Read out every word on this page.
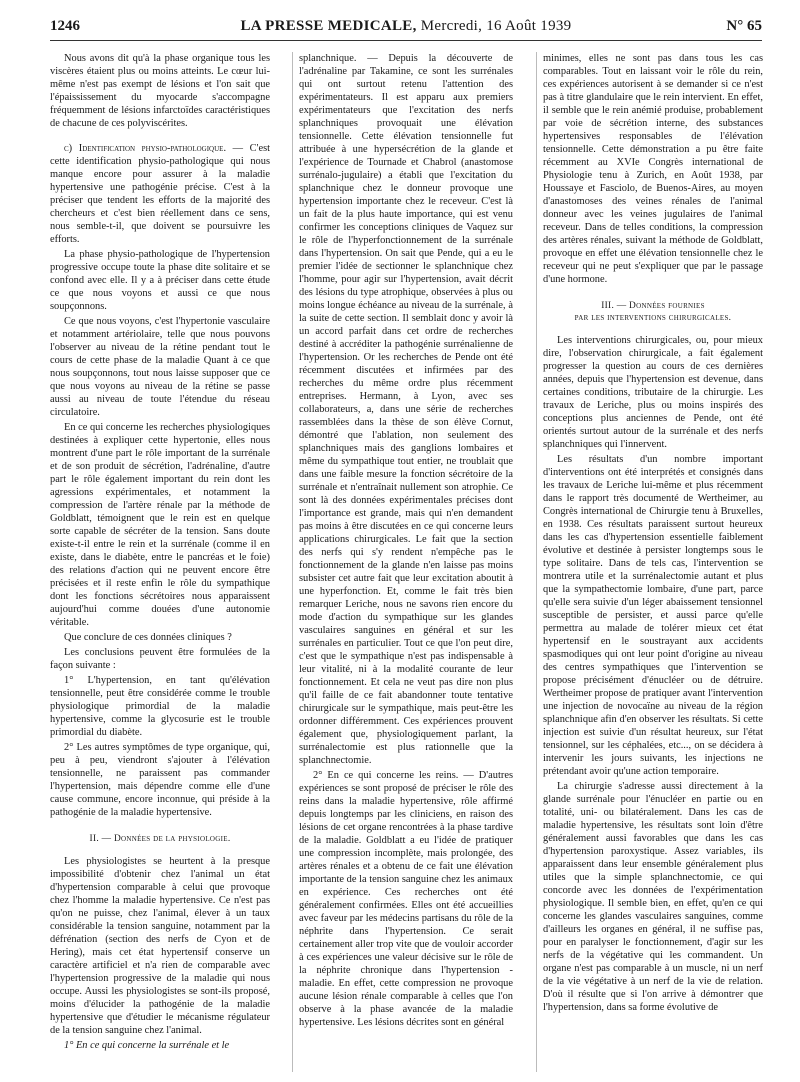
1246	LA PRESSE MEDICALE, Mercredi, 16 Août 1939	N° 65

Nous avons dit qu'à la phase organique tous les viscères étaient plus ou moins atteints. Le cœur lui-même n'est pas exempt de lésions et l'on sait que l'épaississement du myocarde s'accompagne fréquemment de lésions infarctoïdes caractéristiques de chacune de ces polyviscérites.

c) Identification physio-pathologique. — C'est cette identification physio-pathologique qui nous manque encore pour assurer à la maladie hypertensive une pathogénie précise. C'est à la préciser que tendent les efforts de la majorité des chercheurs et c'est bien réellement dans ce sens, nous semble-t-il, que doivent se poursuivre les efforts.

La phase physio-pathologique de l'hypertension progressive occupe toute la phase dite solitaire et se confond avec elle. Il y a à préciser dans cette étude ce que nous voyons et aussi ce que nous soupçonnons.

Ce que nous voyons, c'est l'hypertonie vasculaire et notamment artériolaire, telle que nous pouvons l'observer au niveau de la rétine pendant tout le cours de cette phase de la maladie Quant à ce que nous soupçonnons, tout nous laisse supposer que ce que nous voyons au niveau de la rétine se passe aussi au niveau de toute l'étendue du réseau circulatoire.

En ce qui concerne les recherches physiologiques destinées à expliquer cette hypertonie, elles nous montrent d'une part le rôle important de la surrénale et de son produit de sécrétion, l'adrénaline, d'autre part le rôle également important du rein dont les agressions expérimentales, et notamment la compression de l'artère rénale par la méthode de Goldblatt, témoignent que le rein est en quelque sorte capable de sécréter de la tension. Sans doute existe-t-il entre le rein et la surrénale (comme il en existe, dans le diabète, entre le pancréas et le foie) des relations d'action qui ne peuvent encore être précisées et il reste enfin le rôle du sympathique dont les fonctions sécrétoires nous apparaissent aujourd'hui comme douées d'une autonomie véritable.

Que conclure de ces données cliniques ?

Les conclusions peuvent être formulées de la façon suivante :

1° L'hypertension, en tant qu'élévation tensionnelle, peut être considérée comme le trouble physiologique primordial de la maladie hypertensive, comme la glycosurie est le trouble primordial du diabète.

2° Les autres symptômes de type organique, qui, peu à peu, viendront s'ajouter à l'élévation tensionnelle, ne paraissent pas commander l'hypertension, mais dépendre comme elle d'une cause commune, encore inconnue, qui préside à la pathogénie de la maladie hypertensive.

II. — Données de la physiologie.

Les physiologistes se heurtent à la presque impossibilité d'obtenir chez l'animal un état d'hypertension comparable à celui que provoque chez l'homme la maladie hypertensive. Ce n'est pas qu'on ne puisse, chez l'animal, élever à un taux considérable la tension sanguine, notamment par la défrénation (section des nerfs de Cyon et de Hering), mais cet état hypertensif conserve un caractère artificiel et n'a rien de comparable avec l'hypertension progressive de la maladie qui nous occupe. Aussi les physiologistes se sont-ils proposé, moins d'élucider la pathogénie de la maladie hypertensive que d'étudier le mécanisme régulateur de la tension sanguine chez l'animal.

1° En ce qui concerne la surrénale et le

splanchnique. — Depuis la découverte de l'adrénaline par Takamine, ce sont les surrénales qui ont surtout retenu l'attention des expérimentateurs. Il est apparu aux premiers expérimentateurs que l'excitation des nerfs splanchniques provoquait une élévation tensionnelle. Cette élévation tensionnelle fut attribuée à une hypersécrétion de la glande et l'expérience de Tournade et Chabrol (anastomose surrénalo-jugulaire) a établi que l'excitation du splanchnique chez le donneur provoque une hypertension importante chez le receveur. C'est là un fait de la plus haute importance, qui est venu confirmer les conceptions cliniques de Vaquez sur le rôle de l'hyperfonctionnement de la surrénale dans l'hypertension. On sait que Pende, qui a eu le premier l'idée de sectionner le splanchnique chez l'homme, pour agir sur l'hypertension, avait décrit des lésions du type atrophique, observées à plus ou moins longue échéance au niveau de la surrénale, à la suite de cette section. Il semblait donc y avoir là un accord parfait dans cet ordre de recherches destiné à accréditer la pathogénie surrénalienne de l'hypertension. Or les recherches de Pende ont été récemment discutées et infirmées par des recherches du même ordre plus récemment entreprises. Hermann, à Lyon, avec ses collaborateurs, a, dans une série de recherches rassemblées dans la thèse de son élève Cornut, démontré que l'ablation, non seulement des splanchniques mais des ganglions lombaires et même du sympathique tout entier, ne troublait que dans une faible mesure la fonction sécrétoire de la surrénale et n'entraînait nullement son atrophie. Ce sont là des données expérimentales précises dont l'importance est grande, mais qui n'en demandent pas moins à être discutées en ce qui concerne leurs applications chirurgicales. Le fait que la section des nerfs qui s'y rendent n'empêche pas le fonctionnement de la glande n'en laisse pas moins subsister cet autre fait que leur excitation aboutit à une hyperfonction. Et, comme le fait très bien remarquer Leriche, nous ne savons rien encore du mode d'action du sympathique sur les glandes vasculaires sanguines en général et sur les surrénales en particulier. Tout ce que l'on peut dire, c'est que le sympathique n'est pas indispensable à leur vitalité, ni à la modalité courante de leur fonctionnement. Et cela ne veut pas dire non plus qu'il faille de ce fait abandonner toute tentative chirurgicale sur le sympathique, mais peut-être les ordonner différemment. Ces expériences prouvent également que, physiologiquement parlant, la surrénalectomie est plus rationnelle que la splanchnectomie.

2° En ce qui concerne les reins. — D'autres expériences se sont proposé de préciser le rôle des reins dans la maladie hypertensive, rôle affirmé depuis longtemps par les cliniciens, en raison des lésions de cet organe rencontrées à la phase tardive de la maladie. Goldblatt a eu l'idée de pratiquer une compression incomplète, mais prolongée, des artères rénales et a obtenu de ce fait une élévation importante de la tension sanguine chez les animaux en expérience. Ces recherches ont été généralement confirmées. Elles ont été accueillies avec faveur par les médecins partisans du rôle de la néphrite dans l'hypertension. Ce serait certainement aller trop vite que de vouloir accorder à ces expériences une valeur décisive sur le rôle de la néphrite chronique dans l'hypertension - maladie. En effet, cette compression ne provoque aucune lésion rénale comparable à celles que l'on observe à la phase avancée de la maladie hypertensive. Les lésions décrites sont en général

minimes, elles ne sont pas dans tous les cas comparables. Tout en laissant voir le rôle du rein, ces expériences autorisent à se demander si ce n'est pas à titre glandulaire que le rein intervient. En effet, il semble que le rein anémié produise, probablement par voie de sécrétion interne, des substances hypertensives responsables de l'élévation tensionnelle. Cette démonstration a pu être faite récemment au XVIe Congrès international de Physiologie tenu à Zurich, en Août 1938, par Houssaye et Fasciolo, de Buenos-Aires, au moyen d'anastomoses des veines rénales de l'animal donneur avec les veines jugulaires de l'animal receveur. Dans de telles conditions, la compression des artères rénales, suivant la méthode de Goldblatt, provoque en effet une élévation tensionnelle chez le receveur qui ne peut s'expliquer que par le passage d'une hormone.

III. — Données fournies
par les interventions chirurgicales.

Les interventions chirurgicales, ou, pour mieux dire, l'observation chirurgicale, a fait également progresser la question au cours de ces dernières années, depuis que l'hypertension est devenue, dans certaines conditions, tributaire de la chirurgie. Les travaux de Leriche, plus ou moins inspirés des conceptions plus anciennes de Pende, ont été orientés surtout autour de la surrénale et des nerfs splanchniques qui l'innervent.

Les résultats d'un nombre important d'interventions ont été interprétés et consignés dans les travaux de Leriche lui-même et plus récemment dans le rapport très documenté de Wertheimer, au Congrès international de Chirurgie tenu à Bruxelles, en 1938. Ces résultats paraissent surtout heureux dans les cas d'hypertension essentielle faiblement évolutive et destinée à persister longtemps sous le type solitaire. Dans de tels cas, l'intervention se montrera utile et la surrénalectomie autant et plus que la sympathectomie lombaire, d'une part, parce qu'elle sera suivie d'un léger abaissement tensionnel susceptible de persister, et aussi parce qu'elle permettra au malade de tolérer mieux cet état hypertensif en le soustrayant aux accidents spasmodiques qui ont leur point d'origine au niveau des centres sympathiques que l'intervention se propose précisément d'énucléer ou de détruire. Wertheimer propose de pratiquer avant l'intervention une injection de novocaïne au niveau de la région splanchnique afin d'en observer les résultats. Si cette injection est suivie d'un résultat heureux, sur l'état tensionnel, sur les céphalées, etc..., on se décidera à intervenir les jours suivants, les injections ne prétendant avoir qu'une action temporaire.

La chirurgie s'adresse aussi directement à la glande surrénale pour l'énucléer en partie ou en totalité, uni- ou bilatéralement. Dans les cas de maladie hypertensive, les résultats sont loin d'être généralement aussi favorables que dans les cas d'hypertension paroxystique. Assez variables, ils apparaissent dans leur ensemble généralement plus utiles que la simple splanchnectomie, ce qui concorde avec les données de l'expérimentation physiologique. Il semble bien, en effet, qu'en ce qui concerne les glandes vasculaires sanguines, comme d'ailleurs les organes en général, il ne suffise pas, pour en paralyser le fonctionnement, d'agir sur les nerfs de la végétative qui les commandent. Un organe n'est pas comparable à un muscle, ni un nerf de la vie végétative à un nerf de la vie de relation. D'où il résulte que si l'on arrive à démontrer que l'hypertension, dans sa forme évolutive de
